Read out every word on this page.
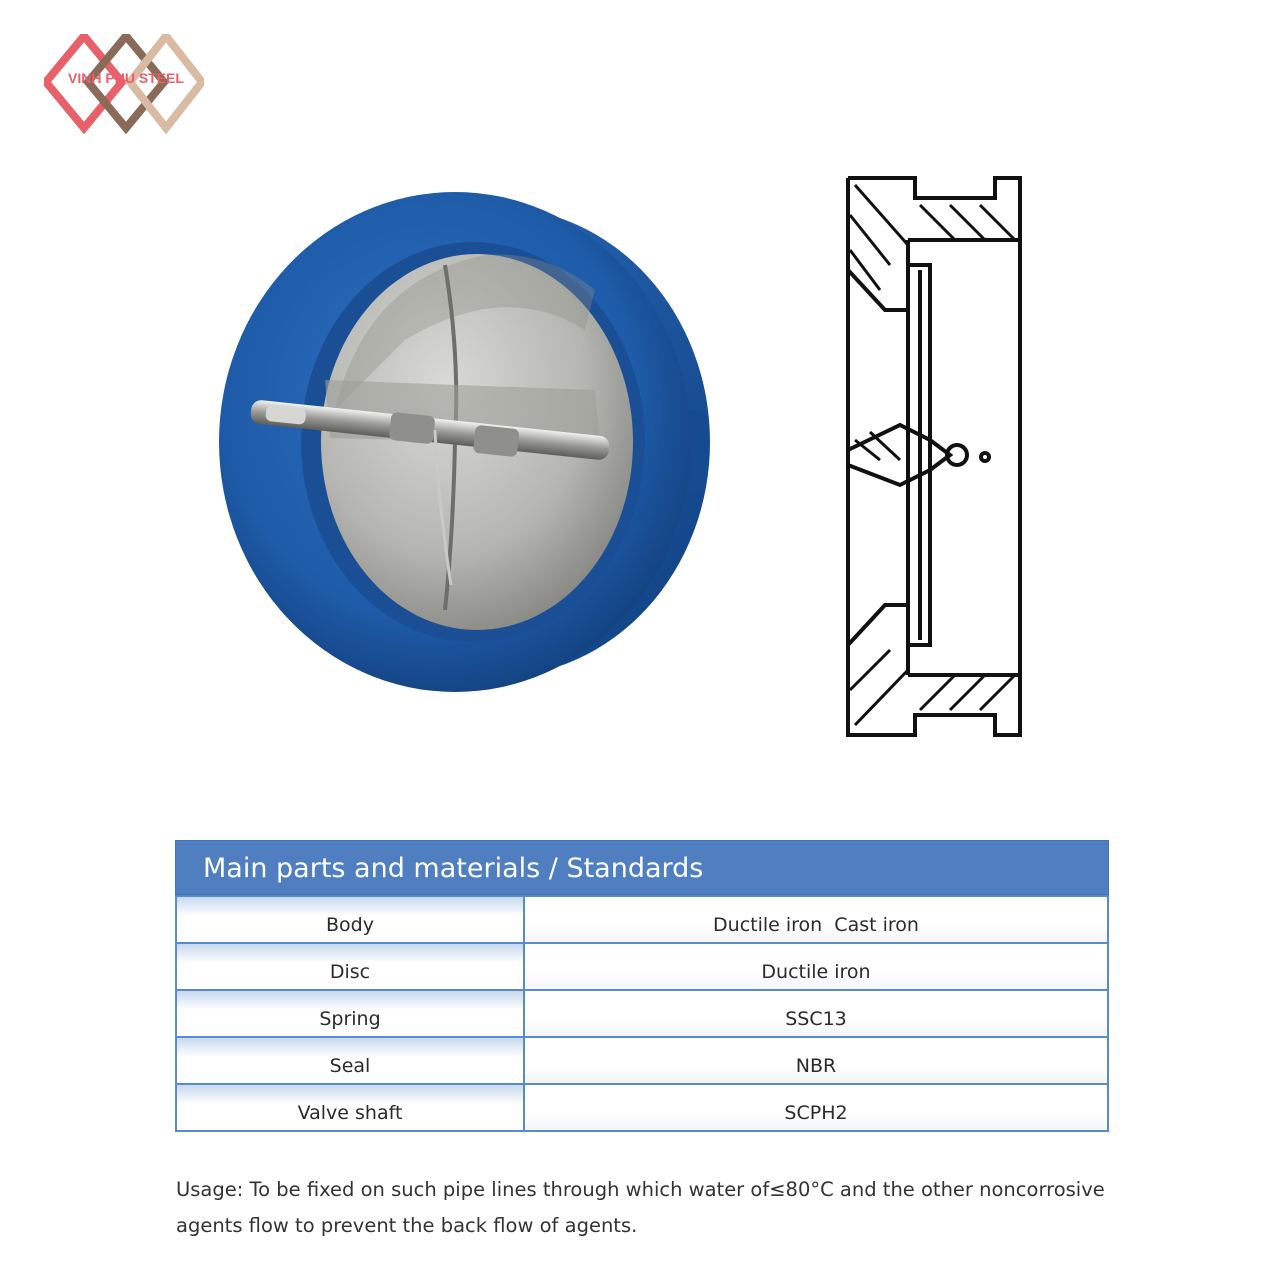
VINH PHU STEEL
Main parts and materials / Standards
Body	Ductile iron  Cast iron
Disc	Ductile iron
Spring	SSC13
Seal	NBR
Valve shaft	SCPH2

Usage: To be fixed on such pipe lines through which water of≤80°C and the other noncorrosive
agents flow to prevent the back flow of agents.
